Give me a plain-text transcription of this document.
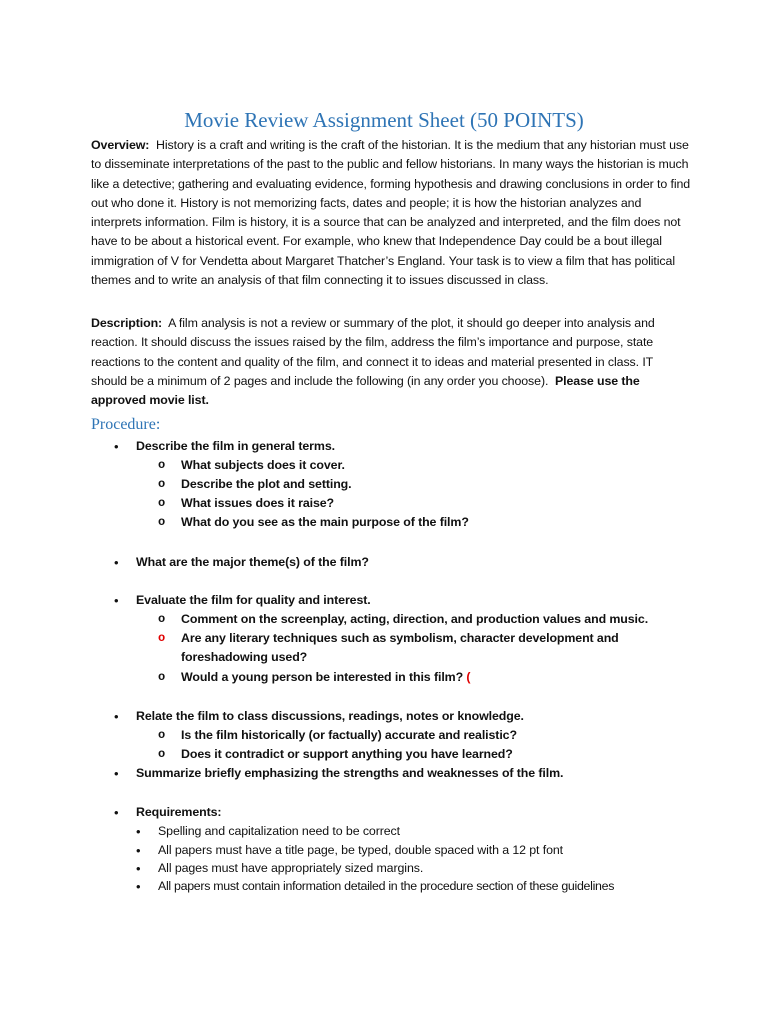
Movie Review Assignment Sheet (50 POINTS)

Overview: History is a craft and writing is the craft of the historian. It is the medium that any historian must use to disseminate interpretations of the past to the public and fellow historians. In many ways the historian is much like a detective; gathering and evaluating evidence, forming hypothesis and drawing conclusions in order to find out who done it. History is not memorizing facts, dates and people; it is how the historian analyzes and interprets information. Film is history, it is a source that can be analyzed and interpreted, and the film does not have to be about a historical event. For example, who knew that Independence Day could be a bout illegal immigration of V for Vendetta about Margaret Thatcher’s England. Your task is to view a film that has political themes and to write an analysis of that film connecting it to issues discussed in class.

Description: A film analysis is not a review or summary of the plot, it should go deeper into analysis and reaction. It should discuss the issues raised by the film, address the film’s importance and purpose, state reactions to the content and quality of the film, and connect it to ideas and material presented in class. IT should be a minimum of 2 pages and include the following (in any order you choose). Please use the approved movie list.

Procedure:
•
Describe the film in general terms.
o What subjects does it cover.
o Describe the plot and setting.
o What issues does it raise?
o What do you see as the main purpose of the film?
•
What are the major theme(s) of the film?
•
Evaluate the film for quality and interest.
o Comment on the screenplay, acting, direction, and production values and music.
o Are any literary techniques such as symbolism, character development and
foreshadowing used?
o Would a young person be interested in this film? (
•
Relate the film to class discussions, readings, notes or knowledge.
o Is the film historically (or factually) accurate and realistic?
o Does it contradict or support anything you have learned?
•
Summarize briefly emphasizing the strengths and weaknesses of the film.
•
Requirements:
•
Spelling and capitalization need to be correct
•
All papers must have a title page, be typed, double spaced with a 12 pt font
•
All pages must have appropriately sized margins.
•
All papers must contain information detailed in the procedure section of these guidelines
